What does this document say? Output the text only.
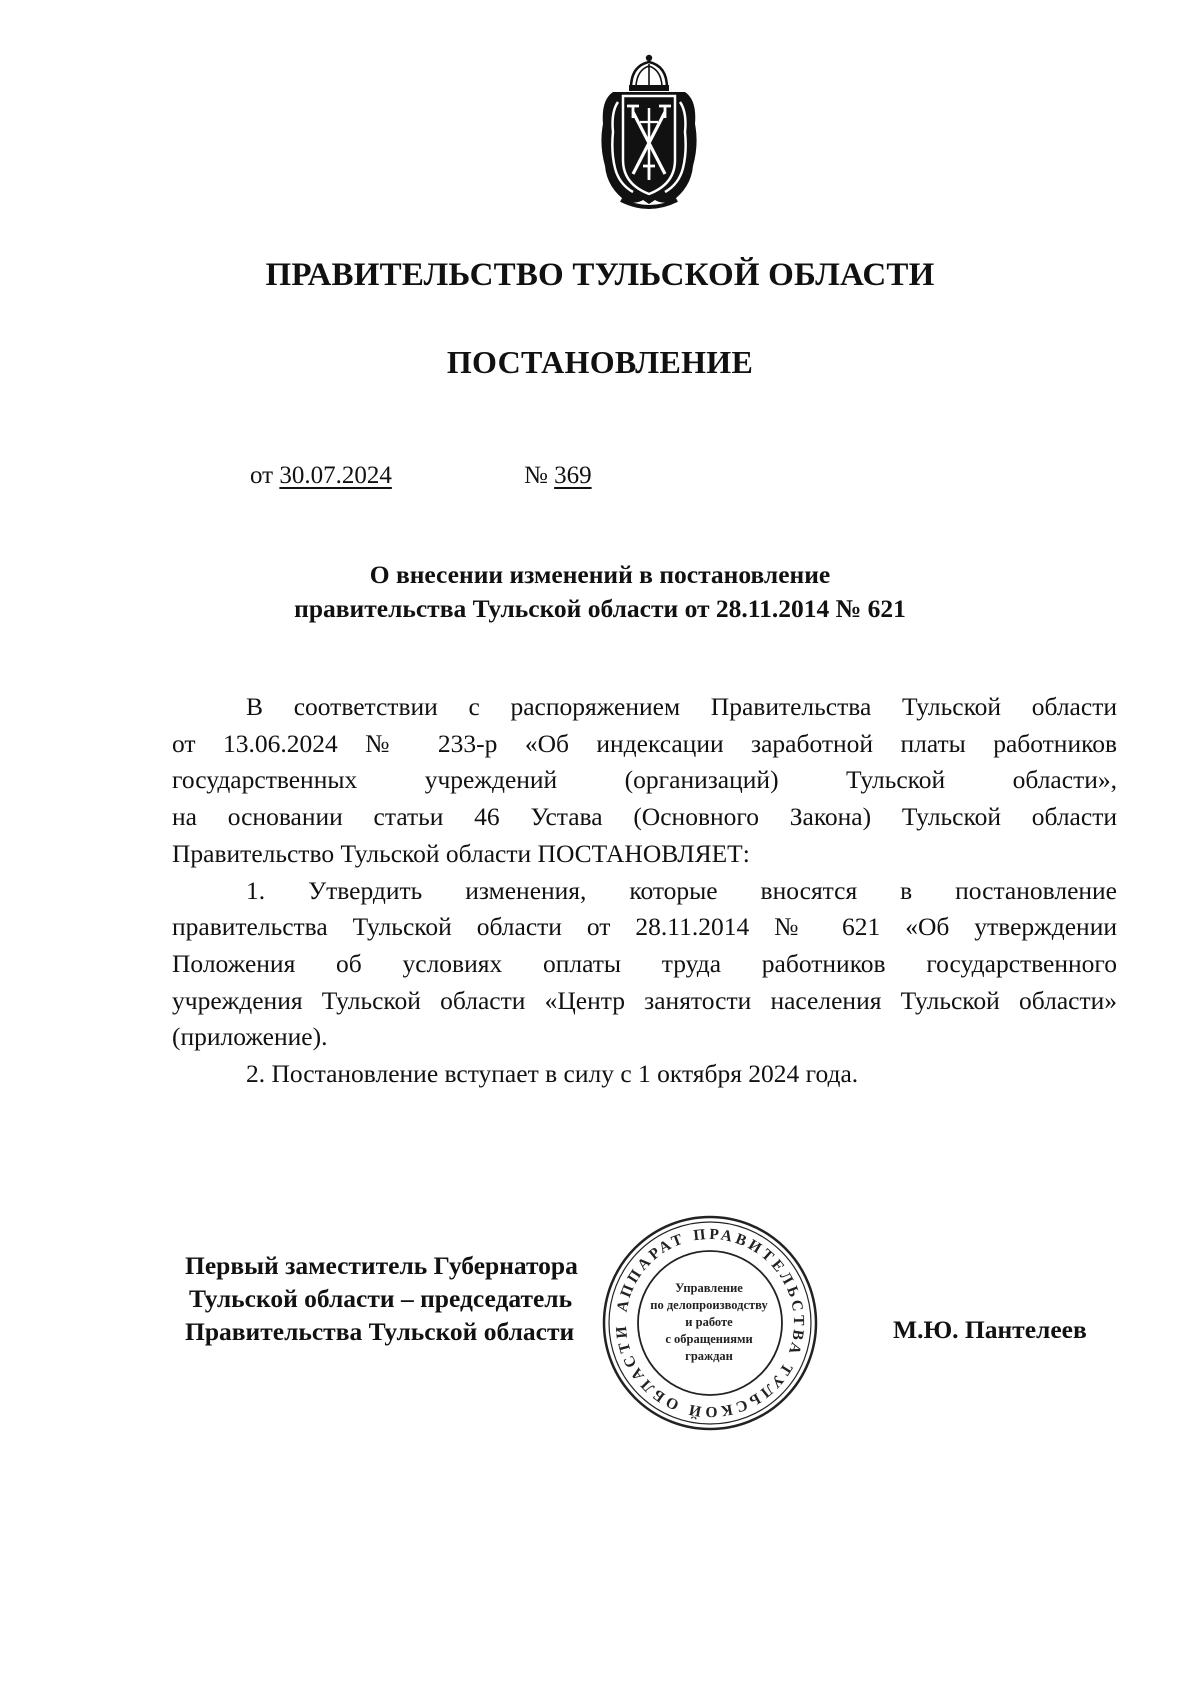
ПРАВИТЕЛЬСТВО ТУЛЬСКОЙ ОБЛАСТИ
ПОСТАНОВЛЕНИЕ
от 30.07.2024	№ 369
О внесении изменений в постановление
правительства Тульской области от 28.11.2014 № 621

В соответствии с распоряжением Правительства Тульской области

от 13.06.2024 № 233-р «Об индексации заработной платы работников

государственных учреждений (организаций) Тульской области»,

на основании статьи 46 Устава (Основного Закона) Тульской области

Правительство Тульской области ПОСТАНОВЛЯЕТ:

1. Утвердить изменения, которые вносятся в постановление

правительства Тульской области от 28.11.2014 № 621 «Об утверждении

Положения об условиях оплаты труда работников государственного

учреждения Тульской области «Центр занятости населения Тульской области»

(приложение).

2. Постановление вступает в силу с 1 октября 2024 года.

Первый заместитель Губернатора
Тульской области – председатель
Правительства Тульской области	М.Ю. Пантелеев
АППАРАТ ПРАВИТЕЛЬСТВА ТУЛЬСКОЙ ОБЛАСТИ
Управление
по делопроизводству
и работе
с обращениями
граждан
